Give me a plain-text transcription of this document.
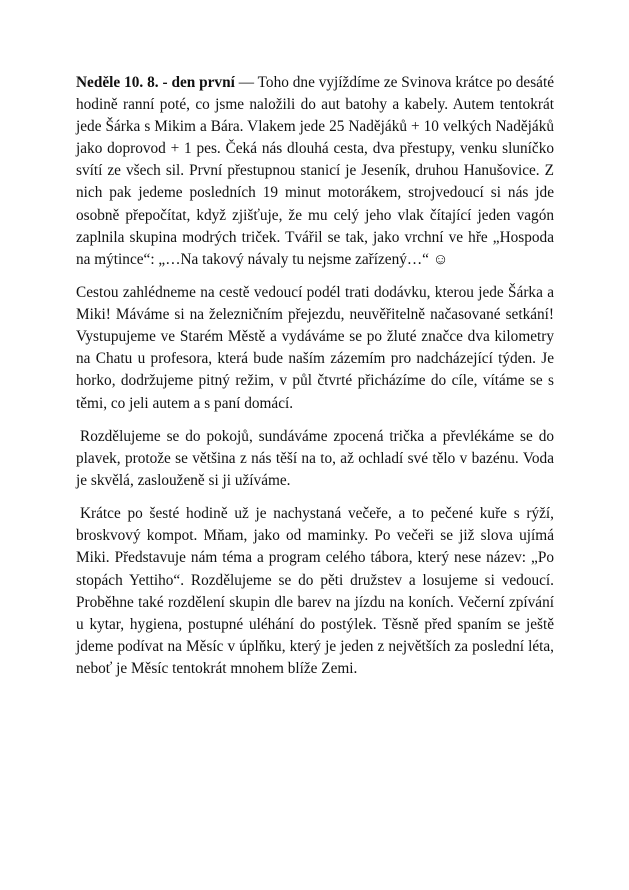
Neděle 10. 8. - den první — Toho dne vyjíždíme ze Svinova krátce po desáté hodině ranní poté, co jsme naložili do aut batohy a kabely. Autem tentokrát jede Šárka s Mikim a Bára. Vlakem jede 25 Nadějáků + 10 velkých Nadějáků jako doprovod + 1 pes. Čeká nás dlouhá cesta, dva přestupy, venku sluníčko svítí ze všech sil. První přestupnou stanicí je Jeseník, druhou Hanušovice. Z nich pak jedeme posledních 19 minut motorákem, strojvedoucí si nás jde osobně přepočítat, když zjišťuje, že mu celý jeho vlak čítající jeden vagón zaplnila skupina modrých triček. Tvářil se tak, jako vrchní ve hře „Hospoda na mýtince“: „…Na takový návaly tu nejsme zařízený…“ ☺

Cestou zahlédneme na cestě vedoucí podél trati dodávku, kterou jede Šárka a Miki! Máváme si na železničním přejezdu, neuvěřitelně načasované setkání! Vystupujeme ve Starém Městě a vydáváme se po žluté značce dva kilometry na Chatu u profesora, která bude naším zázemím pro nadcházející týden. Je horko, dodržujeme pitný režim, v půl čtvrté přicházíme do cíle, vítáme se s těmi, co jeli autem a s paní domácí.

Rozdělujeme se do pokojů, sundáváme zpocená trička a převlékáme se do plavek, protože se většina z nás těší na to, až ochladí své tělo v bazénu. Voda je skvělá, zaslouženě si ji užíváme.

Krátce po šesté hodině už je nachystaná večeře, a to pečené kuře s rýží, broskvový kompot. Mňam, jako od maminky. Po večeři se již slova ujímá Miki. Představuje nám téma a program celého tábora, který nese název: „Po stopách Yettiho“. Rozdělujeme se do pěti družstev a losujeme si vedoucí. Proběhne také rozdělení skupin dle barev na jízdu na koních. Večerní zpívání u kytar, hygiena, postupné uléhání do postýlek. Těsně před spaním se ještě jdeme podívat na Měsíc v úplňku, který je jeden z největších za poslední léta, neboť je Měsíc tentokrát mnohem blíže Zemi.
